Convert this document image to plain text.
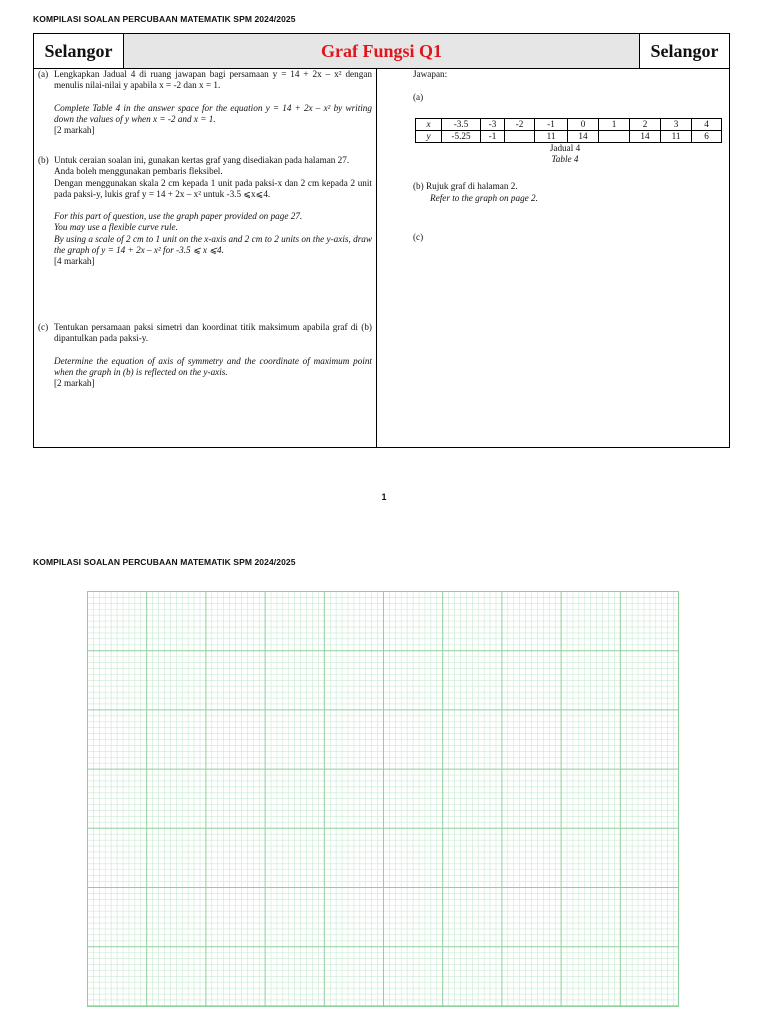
KOMPILASI SOALAN PERCUBAAN MATEMATIK SPM 2024/2025
Selangor	Graf Fungsi Q1	Selangor
(a) Lengkapkan Jadual 4 di ruang jawapan bagi persamaan y = 14 + 2x – x² dengan menulis nilai-nilai y apabila x = -2 dan x = 1.

Complete Table 4 in the answer space for the equation y = 14 + 2x – x² by writing down the values of y when x = -2 and x = 1.

[2 markah]

(b) Untuk ceraian soalan ini, gunakan kertas graf yang disediakan pada halaman 27.

Anda boleh menggunakan pembaris fleksibel.

Dengan menggunakan skala 2 cm kepada 1 unit pada paksi-x dan 2 cm kepada 2 unit pada paksi-y, lukis graf y = 14 + 2x – x² untuk -3.5 ⩽x⩽4.

For this part of question, use the graph paper provided on page 27.

You may use a flexible curve rule.

By using a scale of 2 cm to 1 unit on the x-axis and 2 cm to 2 units on the y-axis, draw the graph of y = 14 + 2x – x² for -3.5 ⩽ x ⩽4.

[4 markah]

(c) Tentukan persamaan paksi simetri dan koordinat titik maksimum apabila graf di (b) dipantulkan pada paksi-y.

Determine the equation of axis of symmetry and the coordinate of maximum point when the graph in (b) is reflected on the y-axis.

[2 markah]

Jawapan:
(a)
x	-3.5	-3	-2	-1	0	1	2	3	4
y	-5.25	-1		11	14		14	11	6
Jadual 4
Table 4
(b) Rujuk graf di halaman 2.
Refer to the graph on page 2.
(c)
1
KOMPILASI SOALAN PERCUBAAN MATEMATIK SPM 2024/2025
